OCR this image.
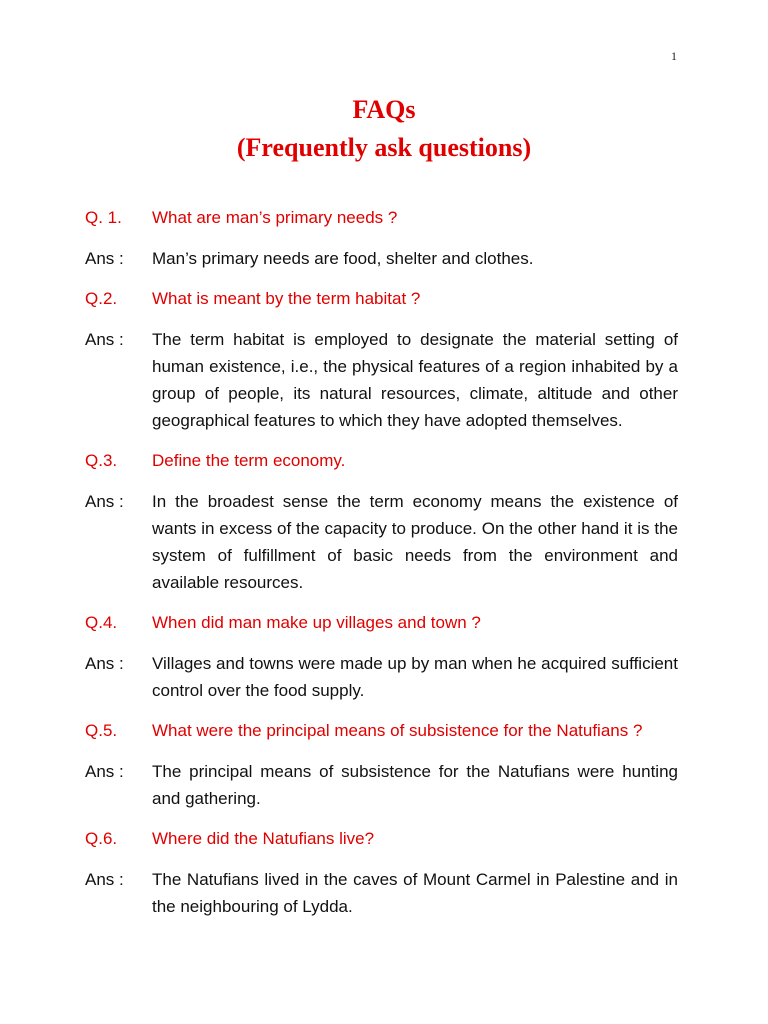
1
FAQs
(Frequently ask questions)
Q. 1.	What are man’s primary needs ?
Ans :	Man’s primary needs are food, shelter and clothes.
Q.2.	What is meant by the term habitat ?
Ans :	The term habitat is employed to designate the material setting of human existence, i.e., the physical features of a region inhabited by a group of people, its natural resources, climate, altitude and other geographical features to which they have adopted themselves.
Q.3.	Define the term economy.
Ans :	In the broadest sense the term economy means the existence of wants in excess of the capacity to produce. On the other hand it is the system of fulfillment of basic needs from the environment and available resources.
Q.4.	When did man make up villages and town ?
Ans :	Villages and towns were made up by man when he acquired sufficient control over the food supply.
Q.5.	What were the principal means of subsistence for the Natufians ?
Ans :	The principal means of subsistence for the Natufians were hunting and gathering.
Q.6.	Where did the Natufians live?
Ans :	The Natufians lived in the caves of Mount Carmel in Palestine and in the neighbouring of Lydda.
